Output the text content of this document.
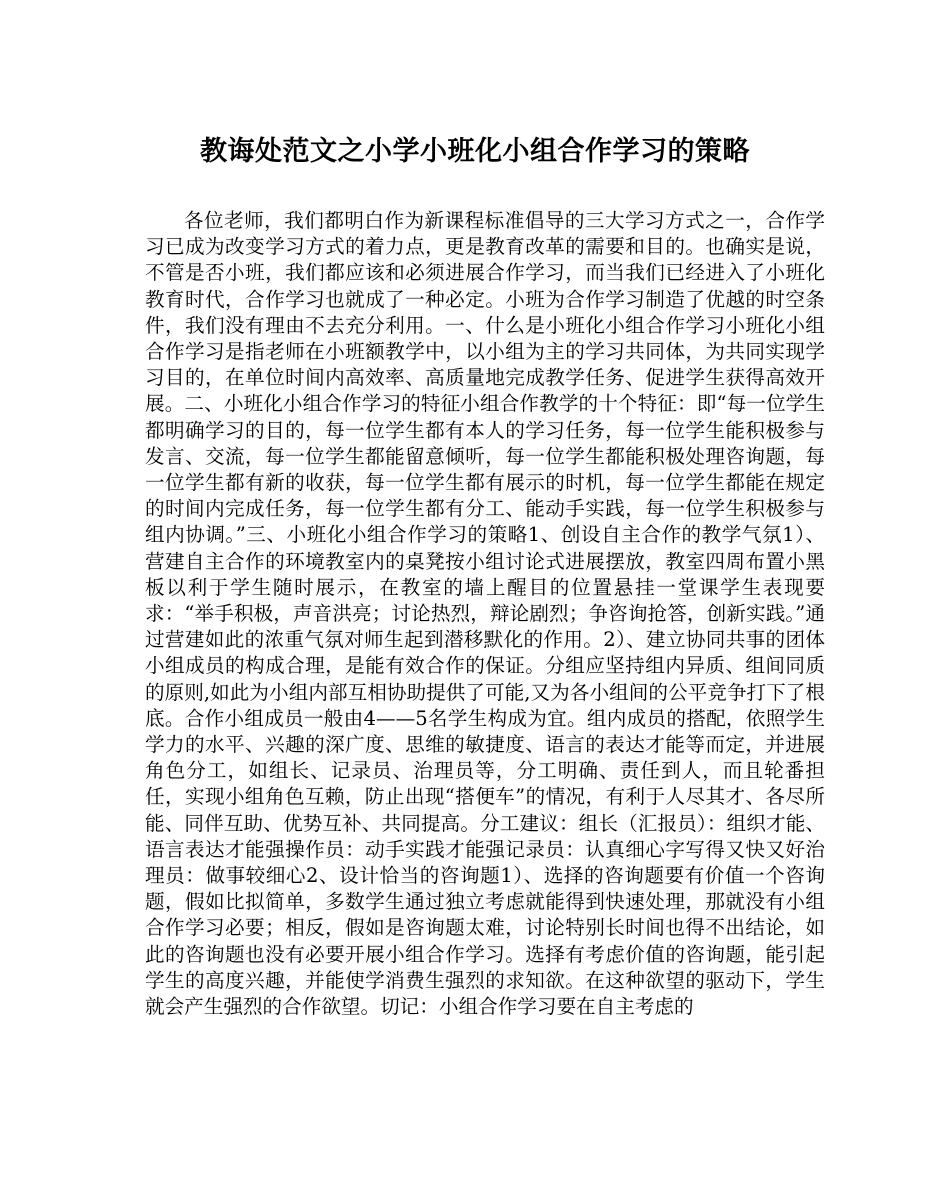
教诲处范文之小学小班化小组合作学习的策略

各位老师，我们都明白作为新课程标准倡导的三大学习方式之一，合作学习已成为改变学习方式的着力点，更是教育改革的需要和目的。也确实是说，不管是否小班，我们都应该和必须进展合作学习，而当我们已经进入了小班化教育时代，合作学习也就成了一种必定。小班为合作学习制造了优越的时空条件，我们没有理由不去充分利用。一、什么是小班化小组合作学习小班化小组合作学习是指老师在小班额教学中，以小组为主的学习共同体，为共同实现学习目的，在单位时间内高效率、高质量地完成教学任务、促进学生获得高效开展。二、小班化小组合作学习的特征小组合作教学的十个特征：即“每一位学生都明确学习的目的，每一位学生都有本人的学习任务，每一位学生能积极参与发言、交流，每一位学生都能留意倾听，每一位学生都能积极处理咨询题，每一位学生都有新的收获，每一位学生都有展示的时机，每一位学生都能在规定的时间内完成任务，每一位学生都有分工、能动手实践，每一位学生积极参与组内协调。”三、小班化小组合作学习的策略1、创设自主合作的教学气氛1）、营建自主合作的环境教室内的桌凳按小组讨论式进展摆放，教室四周布置小黑板以利于学生随时展示，在教室的墙上醒目的位置悬挂一堂课学生表现要求：“举手积极，声音洪亮；讨论热烈，辩论剧烈；争咨询抢答，创新实践。”通过营建如此的浓重气氛对师生起到潜移默化的作用。2）、建立协同共事的团体小组成员的构成合理，是能有效合作的保证。分组应坚持组内异质、组间同质的原则,如此为小组内部互相协助提供了可能,又为各小组间的公平竞争打下了根底。合作小组成员一般由4——5名学生构成为宜。组内成员的搭配，依照学生学力的水平、兴趣的深广度、思维的敏捷度、语言的表达才能等而定，并进展角色分工，如组长、记录员、治理员等，分工明确、责任到人，而且轮番担任，实现小组角色互赖，防止出现“搭便车”的情况，有利于人尽其才、各尽所能、同伴互助、优势互补、共同提高。分工建议：组长（汇报员）：组织才能、语言表达才能强操作员：动手实践才能强记录员：认真细心字写得又快又好治理员：做事较细心2、设计恰当的咨询题1）、选择的咨询题要有价值一个咨询题，假如比拟简单，多数学生通过独立考虑就能得到快速处理，那就没有小组合作学习必要；相反，假如是咨询题太难，讨论特别长时间也得不出结论，如此的咨询题也没有必要开展小组合作学习。选择有考虑价值的咨询题，能引起学生的高度兴趣，并能使学消费生强烈的求知欲。在这种欲望的驱动下，学生就会产生强烈的合作欲望。切记：小组合作学习要在自主考虑的
